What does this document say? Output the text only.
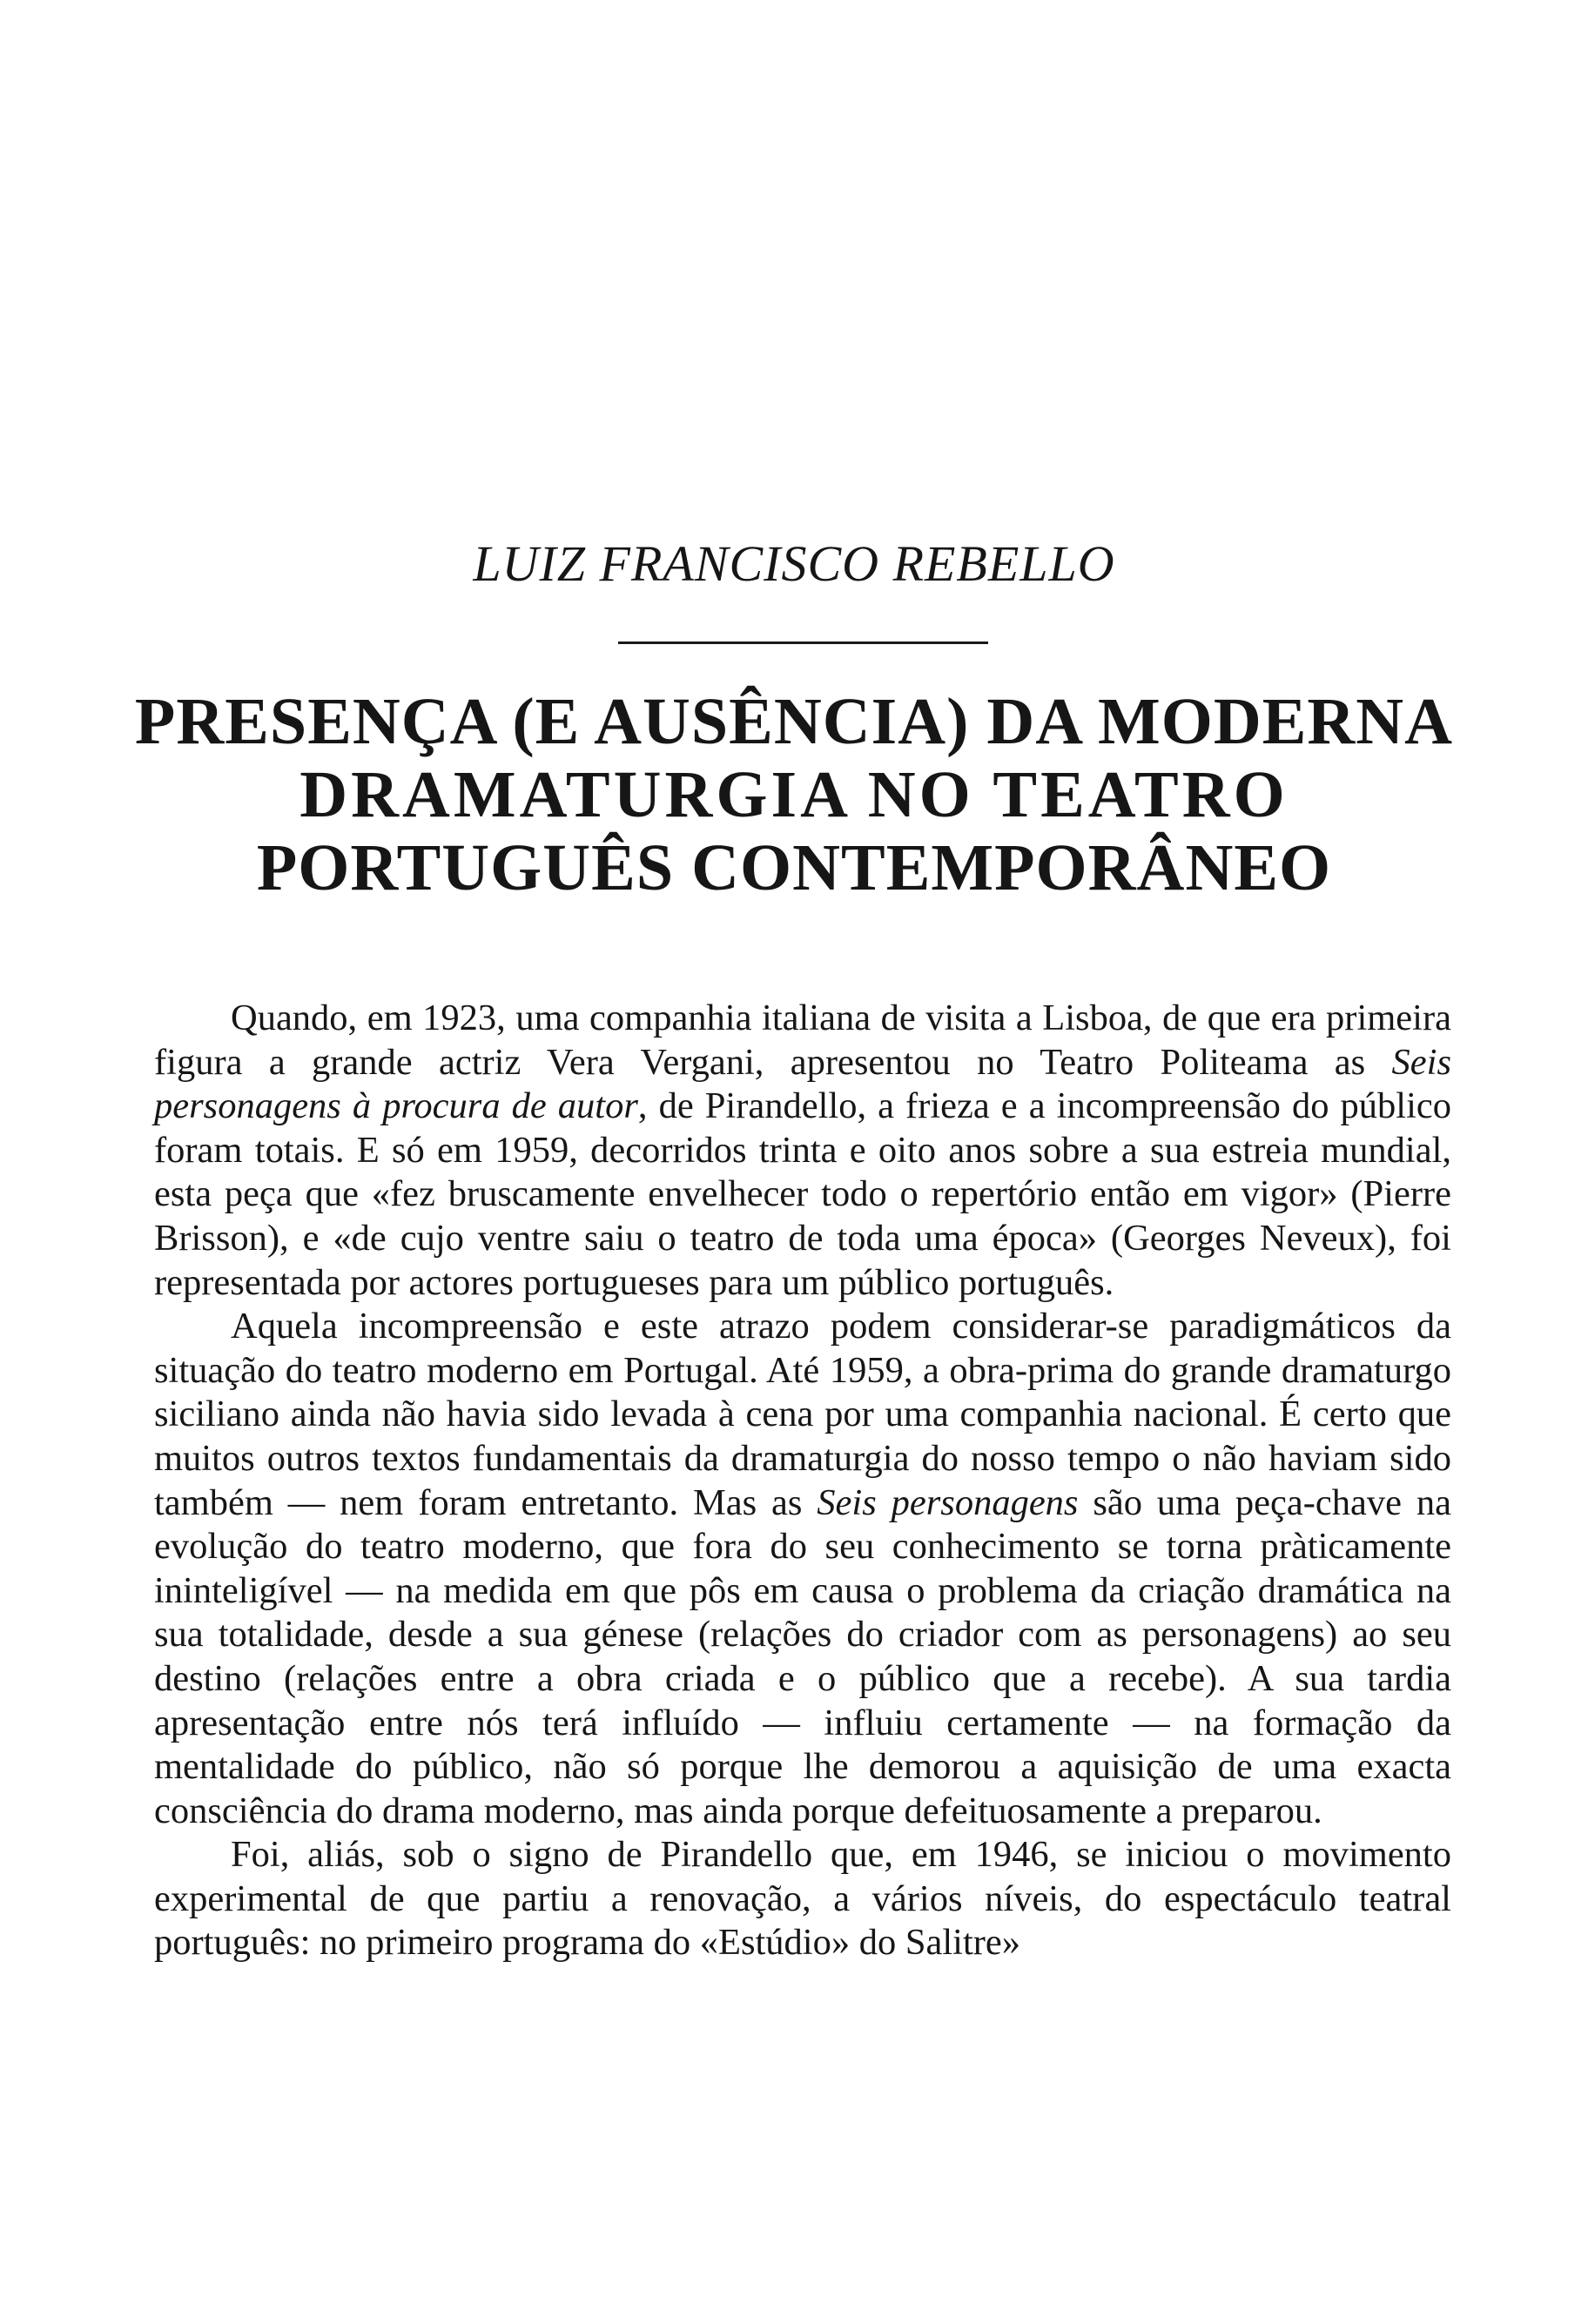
LUIZ FRANCISCO REBELLO
PRESENÇA (E AUSÊNCIA) DA MODERNA
DRAMATURGIA NO TEATRO
PORTUGUÊS CONTEMPORÂNEO

Quando, em 1923, uma companhia italiana de visita a Lisboa, de que era primeira figura a grande actriz Vera Vergani, apresentou no Teatro Politeama as Seis personagens à procura de autor, de Pirandello, a frieza e a incompreensão do público foram totais. E só em 1959, decorridos trinta e oito anos sobre a sua estreia mundial, esta peça que «fez bruscamente envelhecer todo o repertório então em vigor» (Pierre Brisson), e «de cujo ventre saiu o teatro de toda uma época» (Georges Neveux), foi representada por actores portugueses para um público português.

Aquela incompreensão e este atrazo podem considerar-se paradigmáticos da situação do teatro moderno em Portugal. Até 1959, a obra-prima do grande dramaturgo siciliano ainda não havia sido levada à cena por uma companhia nacional. É certo que muitos outros textos fundamentais da dramaturgia do nosso tempo o não haviam sido também — nem foram entretanto. Mas as Seis personagens são uma peça-chave na evolução do teatro moderno, que fora do seu conhecimento se torna pràticamente ininteligível — na medida em que pôs em causa o problema da criação dramática na sua totalidade, desde a sua génese (relações do criador com as personagens) ao seu destino (relações entre a obra criada e o público que a recebe). A sua tardia apresentação entre nós terá influído — influiu certamente — na formação da mentalidade do público, não só porque lhe demorou a aquisição de uma exacta consciência do drama moderno, mas ainda porque defeituosamente a preparou.

Foi, aliás, sob o signo de Pirandello que, em 1946, se iniciou o movimento experimental de que partiu a renovação, a vários níveis, do espectáculo teatral português: no primeiro programa do «Estúdio» do Salitre»
